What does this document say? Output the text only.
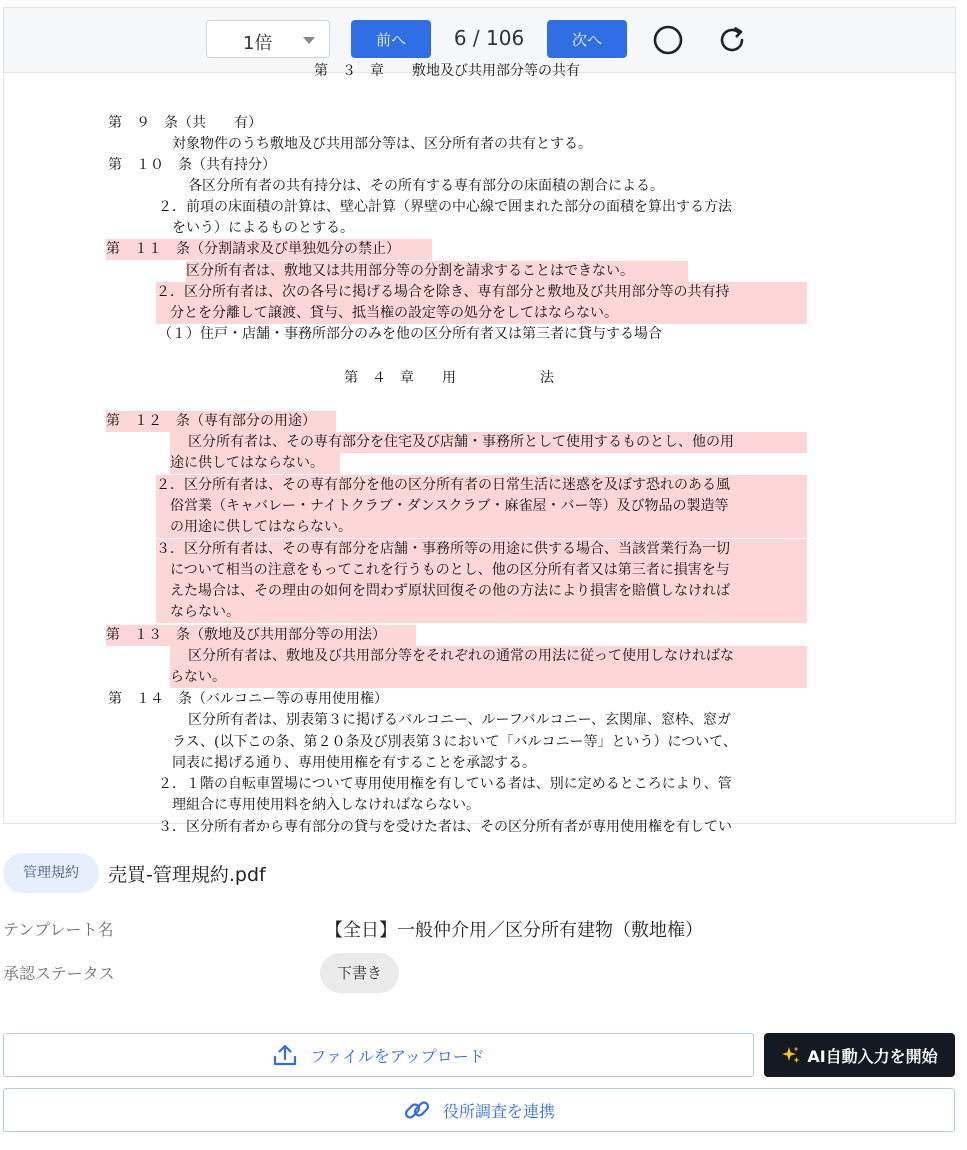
1倍	前へ	6 / 106	次へ
第　３　章　　敷地及び共用部分等の共有
第　９　条（共　　有）
対象物件のうち敷地及び共用部分等は、区分所有者の共有とする。
第　１０　条（共有持分）
各区分所有者の共有持分は、その所有する専有部分の床面積の割合による。
２．前項の床面積の計算は、壁心計算（界壁の中心線で囲まれた部分の面積を算出する方法
をいう）によるものとする。
第　１１　条（分割請求及び単独処分の禁止）
区分所有者は、敷地又は共用部分等の分割を請求することはできない。
２．区分所有者は、次の各号に掲げる場合を除き、専有部分と敷地及び共用部分等の共有持
分とを分離して譲渡、貸与、抵当権の設定等の処分をしてはならない。
（１）住戸・店舗・事務所部分のみを他の区分所有者又は第三者に貸与する場合
第　４　章　　用　　　　　　法
第　１２　条（専有部分の用途）
区分所有者は、その専有部分を住宅及び店舗・事務所として使用するものとし、他の用
途に供してはならない。
２．区分所有者は、その専有部分を他の区分所有者の日常生活に迷惑を及ぼす恐れのある風
俗営業（キャバレー・ナイトクラブ・ダンスクラブ・麻雀屋・バー等）及び物品の製造等
の用途に供してはならない。
３．区分所有者は、その専有部分を店舗・事務所等の用途に供する場合、当該営業行為一切
について相当の注意をもってこれを行うものとし、他の区分所有者又は第三者に損害を与
えた場合は、その理由の如何を問わず原状回復その他の方法により損害を賠償しなければ
ならない。
第　１３　条（敷地及び共用部分等の用法）
区分所有者は、敷地及び共用部分等をそれぞれの通常の用法に従って使用しなければな
らない。
第　１４　条（バルコニー等の専用使用権）
区分所有者は、別表第３に掲げるバルコニー、ルーフバルコニー、玄関扉、窓枠、窓ガ
ラス、(以下この条、第２０条及び別表第３において「バルコニー等」という）について、
同表に掲げる通り、専用使用権を有することを承認する。
２．１階の自転車置場について専用使用権を有している者は、別に定めるところにより、管
理組合に専用使用料を納入しなければならない。
３．区分所有者から専有部分の貸与を受けた者は、その区分所有者が専用使用権を有してい
管理規約	売買-管理規約.pdf
テンプレート名	【全日】一般仲介用／区分所有建物（敷地権）
承認ステータス	下書き
ファイルをアップロード	AI自動入力を開始
役所調査を連携
